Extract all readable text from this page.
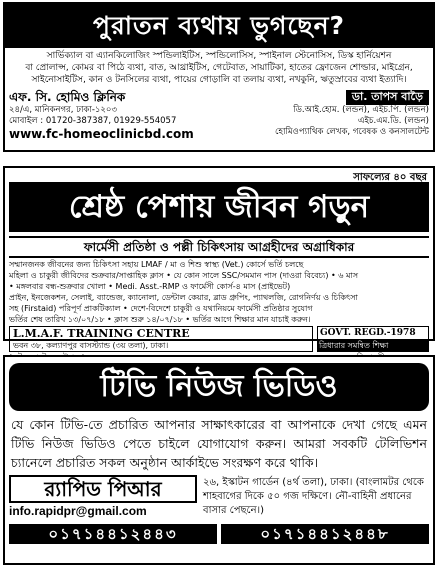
পুরাতন ব্যথায় ভুগছেন?
সার্ভিক্যাল বা এ্যানকিলোজিং স্পন্ডিলাইটিস, স্পন্ডিলোসিস, স্পাইনাল স্টেনোসিস, ডিস্ক হার্নিয়েশন
বা প্রোলাপ্স, কোমর বা পিঠে ব্যথা, বাত, আথ্রাইটিস, গেটেবাত, সায়াটিকা, হাতের ফ্রোজেন শোল্ডার, মাইগ্রেন,
সাইনোসাইটিস, কান ও টনসিলের ব্যথা, পায়ের গোড়ালি বা তলায় ব্যথা, নখকুনি, ঋতুস্রাবের ব্যথা ইত্যাদি।
এফ. সি. হোমিও ক্লিনিক	ডা. তাপস বাড়ৈ
২৪/এ, মানিকনগর, ঢাকা-১২০৩	ডি.আই.হোম. (লন্ডন), এইচ.পি. (লন্ডন)
মোবাইল : 01720-387387, 01929-554057	এইচ.এম.ডি. (লন্ডন)
www.fc-homeoclinicbd.com	হোমিওপ্যাথিক লেখক, গবেষক ও কনসালটেন্ট
শ্রেষ্ঠ পেশায় জীবন গড়ুন
সাফল্যের ৪০ বছর
ফার্মেসী প্রতিষ্ঠা ও পল্লী চিকিৎসায় আগ্রহীদের অগ্রাধিকার
সম্মানজনক জীবনের জন্য চিকিৎসা সহায় LMAF / মা ও শিশু স্বাস্থ্য (Vet.) কোর্সে ভর্তি চলছে
মহিলা ও চাকুরী জীবিদের শুক্রবার/সাপ্তাহিক ক্লাস • যে কোন সালে SSC/সমমান পাস (দাওরা বিবেচ্য) • ৬ মাস
• মঙ্গলবার বন্ধ-শুক্রবার খোলা • Medi. Asst.-RMP ও ফার্মেসী কোর্স-৪ মাস (প্রাইভেট)
প্রাইন, ইনজেকশন, সেলাই, ব্যান্ডেজ, ক্যানোলা, ডেন্টাল কেয়ার, ব্লাড গ্রুপিং, প্যাথলজি, রোগনির্ণয় ও চিকিৎসা
সহ (Firstaid) পরিপূর্ণ প্রাকটিক্যাল • দেশে-বিদেশে চাকুরী ও যথানিয়মে ফার্মেসী প্রতিষ্ঠার সুযোগ
ভর্তির শেষ তারিখ ১৩/০৭/১৮ • ক্লাস শুরু ১৪/০৭/১৮ • ভর্তির আগে শিক্ষার মান যাচাই করুন।
L.M.A.F. TRAINING CENTRE
ভবন ৩৮, কল্যাণপুর বাসস্ট্যান্ড (৩য় তলা), ঢাকা।
GOVT. REGD.-1978
ত্রিধারার সমন্বিত শিক্ষা
টিভি নিউজ ভিডিও
যে কোন টিভি-তে প্রচারিত আপনার সাক্ষাৎকারের বা আপনাকে দেখা গেছে এমন টিভি নিউজ ভিডিও পেতে চাইলে যোগাযোগ করুন। আমরা সবকটি টেলিভিশন চ্যানেলে প্রচারিত সকল অনুষ্ঠান আর্কাইভে সংরক্ষণ করে থাকি।
র‌্যাপিড পিআর
info.rapidpr@gmail.com
২৬, ইস্কাটন গার্ডেন (৪র্থ তলা), ঢাকা। (বাংলামটর থেকে শাহবাগের দিকে ৫০ গজ দক্ষিণে। নৌ-বাহিনী প্রধানের বাসার পেছনে।)
০১৭১৪৪১২৪৪৩	০১৭১৪৪১২৪৪৮
